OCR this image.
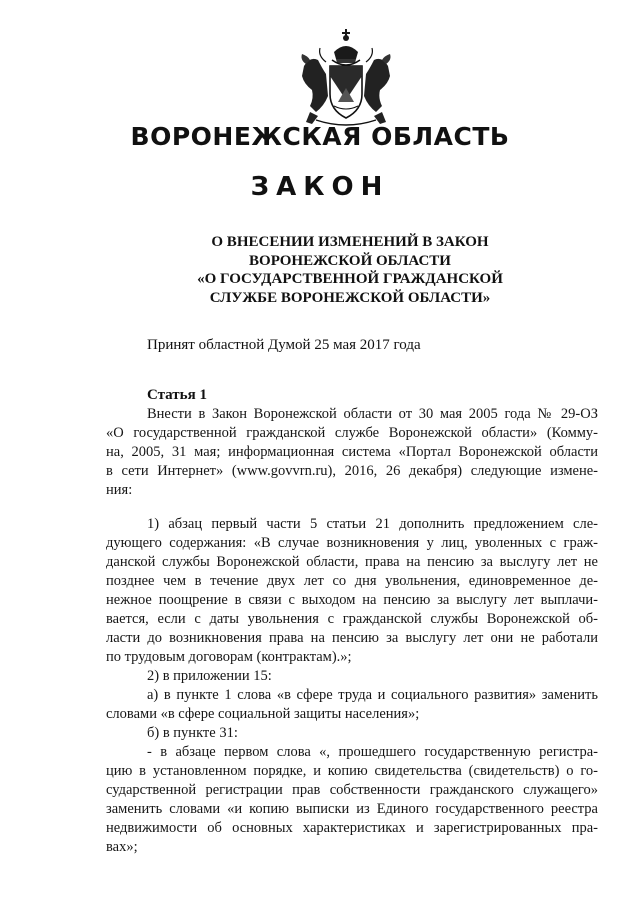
ВОРОНЕЖСКАЯ ОБЛАСТЬ
ЗАКОН
О ВНЕСЕНИИ ИЗМЕНЕНИЙ В ЗАКОН
ВОРОНЕЖСКОЙ ОБЛАСТИ
«О ГОСУДАРСТВЕННОЙ ГРАЖДАНСКОЙ
СЛУЖБЕ ВОРОНЕЖСКОЙ ОБЛАСТИ»
Принят областной Думой 25 мая 2017 года
Статья 1
Внести в Закон Воронежской области от 30 мая 2005 года № 29-ОЗ
«О государственной гражданской службе Воронежской области» (Комму-
на, 2005, 31 мая; информационная система «Портал Воронежской области
в сети Интернет» (www.govvrn.ru), 2016, 26 декабря) следующие измене-
ния:
1) абзац первый части 5 статьи 21 дополнить предложением сле-
дующего содержания: «В случае возникновения у лиц, уволенных с граж-
данской службы Воронежской области, права на пенсию за выслугу лет не
позднее чем в течение двух лет со дня увольнения, единовременное де-
нежное поощрение в связи с выходом на пенсию за выслугу лет выплачи-
вается, если с даты увольнения с гражданской службы Воронежской об-
ласти до возникновения права на пенсию за выслугу лет они не работали
по трудовым договорам (контрактам).»;
2) в приложении 15:
а) в пункте 1 слова «в сфере труда и социального развития» заменить
словами «в сфере социальной защиты населения»;
б) в пункте 31:
- в абзаце первом слова «, прошедшего государственную регистра-
цию в установленном порядке, и копию свидетельства (свидетельств) о го-
сударственной регистрации прав собственности гражданского служащего»
заменить словами «и копию выписки из Единого государственного реестра
недвижимости об основных характеристиках и зарегистрированных пра-
вах»;
